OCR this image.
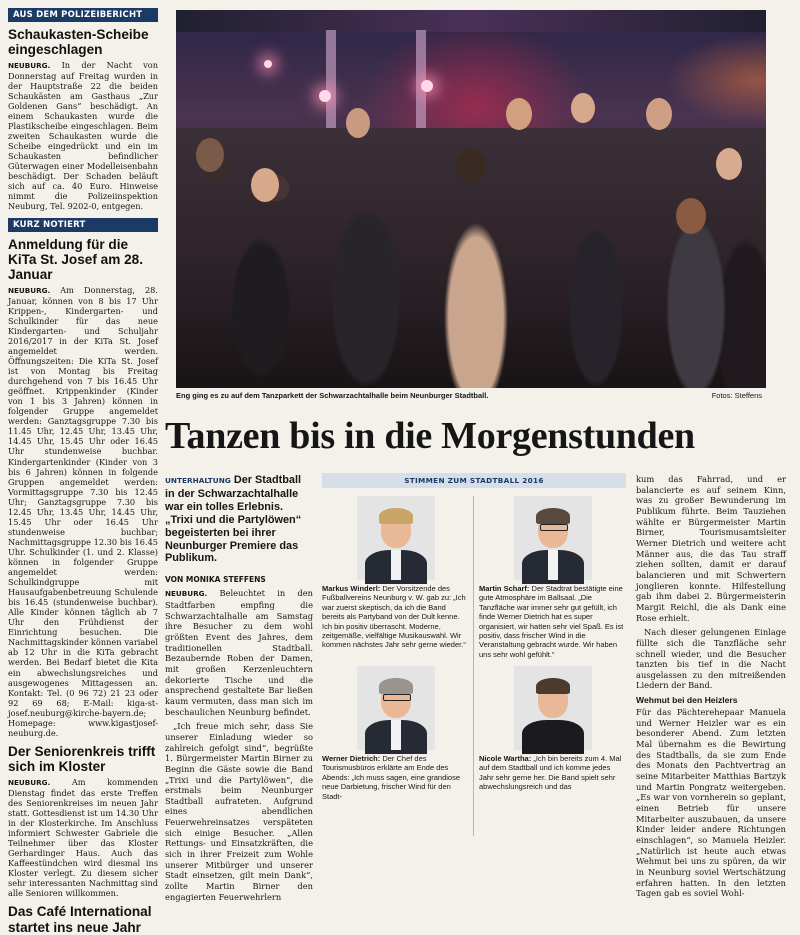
AUS DEM POLIZEIBERICHT
Schaukasten-Scheibe eingeschlagen

NEUBURG. In der Nacht von Donnerstag auf Freitag wurden in der Hauptstraße 22 die beiden Schaukästen am Gasthaus „Zur Goldenen Gans“ beschädigt. An einem Schaukasten wurde die Plastikscheibe eingeschlagen. Beim zweiten Schaukasten wurde die Scheibe eingedrückt und ein im Schaukasten befindlicher Güterwagen einer Modelleisenbahn beschädigt. Der Schaden beläuft sich auf ca. 40 Euro. Hinweise nimmt die Polizeiinspektion Neuburg, Tel. 9202-0, entgegen.

KURZ NOTIERT
Anmeldung für die KiTa St. Josef am 28. Januar

NEUBURG. Am Donnerstag, 28. Januar, können von 8 bis 17 Uhr Krippen-, Kindergarten- und Schulkinder für das neue Kindergarten- und Schuljahr 2016/2017 in der KiTa St. Josef angemeldet werden. Öffnungszeiten: Die KiTa St. Josef ist von Montag bis Freitag durchgehend von 7 bis 16.45 Uhr geöffnet. Krippenkinder (Kinder von 1 bis 3 Jahren) können in folgender Gruppe angemeldet werden: Ganztagsgruppe 7.30 bis 11.45 Uhr, 12.45 Uhr, 13.45 Uhr, 14.45 Uhr, 15.45 Uhr oder 16.45 Uhr stundenweise buchbar. Kindergartenkinder (Kinder von 3 bis 6 Jahren) können in folgende Gruppen angemeldet werden: Vormittagsgruppe 7.30 bis 12.45 Uhr; Ganztagsgruppe 7.30 bis 12.45 Uhr, 13.45 Uhr, 14.45 Uhr, 15.45 Uhr oder 16.45 Uhr stundenweise buchbar; Nachmittagsgruppe 12.30 bis 16.45 Uhr. Schulkinder (1. und 2. Klasse) können in folgender Gruppe angemeldet werden: Schulkindgruppe mit Hausaufgabenbetreuung Schulende bis 16.45 (stundenweise buchbar). Alle Kinder können täglich ab 7 Uhr den Frühdienst der Einrichtung besuchen. Die Nachmittagskinder können variabel ab 12 Uhr in die KiTa gebracht werden. Bei Bedarf bietet die Kita ein abwechslungsreiches und ausgewogenes Mittagessen an. Kontakt: Tel. (0 96 72) 21 23 oder 92 69 68; E-Mail: kiga-st-josef.neuburg@kirche-bayern.de; Homepage: www.kigastjosef-neuburg.de.

Der Seniorenkreis trifft sich im Kloster

NEUBURG.	Am kommenden Dienstag findet das erste Treffen des Seniorenkreises im neuen Jahr statt. Gottesdienst ist um 14.30 Uhr in der Klosterkirche. Im Anschluss informiert Schwester Gabriele die Teilnehmer über das Kloster Gerhardinger Haus. Auch das Kaffeestündchen wird diesmal ins Kloster verlegt. Zu diesem sicher sehr interessanten Nachmittag sind alle Senioren willkommen.

Das Café International startet ins neue Jahr
Eng ging es zu auf dem Tanzparkett der Schwarzachtalhalle beim Neunburger Stadtball.	Fotos: Steffens
Tanzen bis in die Morgenstunden

UNTERHALTUNG Der Stadtball in der Schwarzachtalhalle war ein tolles Erlebnis. „Trixi und die Partylöwen“ begeisterten bei ihrer Neunburger Premiere das Publikum.

VON MONIKA STEFFENS

NEUBURG. Beleuchtet in den Stadtfarben empfing die Schwarzachtalhalle am Samstag ihre Besucher zu dem wohl größten Event des Jahres, dem traditionellen Stadtball. Bezaubernde Roben der Damen, mit großen Kerzenleuchtern dekorierte Tische und die ansprechend gestaltete Bar ließen kaum vermuten, dass man sich im beschaulichen Neunburg befindet.

„Ich freue mich sehr, dass Sie unserer Einladung wieder so zahlreich gefolgt sind“, begrüßte 1. Bürgermeister Martin Birner zu Beginn die Gäste sowie die Band „Trixi und die Partylöwen“, die erstmals beim Neunburger Stadtball aufrateten. Aufgrund eines abendlichen Feuerwehreinsatzes verspäteten sich einige Besucher. „Allen Rettungs- und Einsatzkräften, die sich in ihrer Freizeit zum Wohle unserer Mitbürger und unserer Stadt einsetzen, gilt mein Dank“, zollte Martin Birner den engagierten Feuerwehrlern

STIMMEN ZUM STADTBALL 2016
Markus Winderl: Der Vorsitzende des Fußballvereins Neunburg v. W. gab zu: „Ich war zuerst skeptisch, da ich die Band bereits als Partyband von der Dult kenne. Ich bin positiv überrascht. Moderne, zeitgemäße, vielfältige Musikauswahl. Wir kommen nächstes Jahr sehr gerne wieder.“
Martin Scharf: Der Stadtrat bestätigte eine gute Atmosphäre im Ballsaal. „Die Tanzfläche war immer sehr gut gefüllt, ich finde Werner Dietrich hat es super organisiert, wir hatten sehr viel Spaß. Es ist positiv, dass frischer Wind in die Veranstaltung gebracht wurde. Wir haben uns sehr wohl gefühlt.“
Werner Dietrich: Der Chef des Tourismusbüros erklärte am Ende des Abends: „Ich muss sagen, eine grandiose neue Darbietung, frischer Wind für den Stadt-
Nicole Wartha: „Ich bin bereits zum 4. Mal auf dem Stadtball und ich komme jedes Jahr sehr gerne her. Die Band spielt sehr abwechslungsreich und das

kum das Fahrrad, und er balancierte es auf seinem Kinn, was zu großer Bewunderung im Publikum führte. Beim Tauziehen wählte er Bürgermeister Martin Birner, Tourismusamtsleiter Werner Dietrich und weitere acht Männer aus, die das Tau straff ziehen sollten, damit er darauf balancieren und mit Schwertern jonglieren konnte. Hilfestellung gab ihm dabei 2. Bürgermeisterin Margit Reichl, die als Dank eine Rose erhielt.

Nach dieser gelungenen Einlage füllte sich die Tanzfläche sehr schnell wieder, und die Besucher tanzten bis tief in die Nacht ausgelassen zu den mitreißenden Liedern der Band.

Wehmut bei den Heizlers

Für das Pächterehepaar Manuela und Werner Heizler war es ein besonderer Abend. Zum letzten Mal übernahm es die Bewirtung des Stadtballs, da sie zum Ende des Monats den Pachtvertrag an seine Mitarbeiter Matthias Bartzyk und Martin Pongratz weitergeben. „Es war von vornherein so geplant, einen Betrieb für unsere Mitarbeiter auszubauen, da unsere Kinder leider andere Richtungen einschlagen“, so Manuela Heizler. „Natürlich ist heute auch etwas Wehmut bei uns zu spüren, da wir in Neunburg soviel Wertschätzung erfahren hatten. In den letzten Tagen gab es soviel Wohl-
